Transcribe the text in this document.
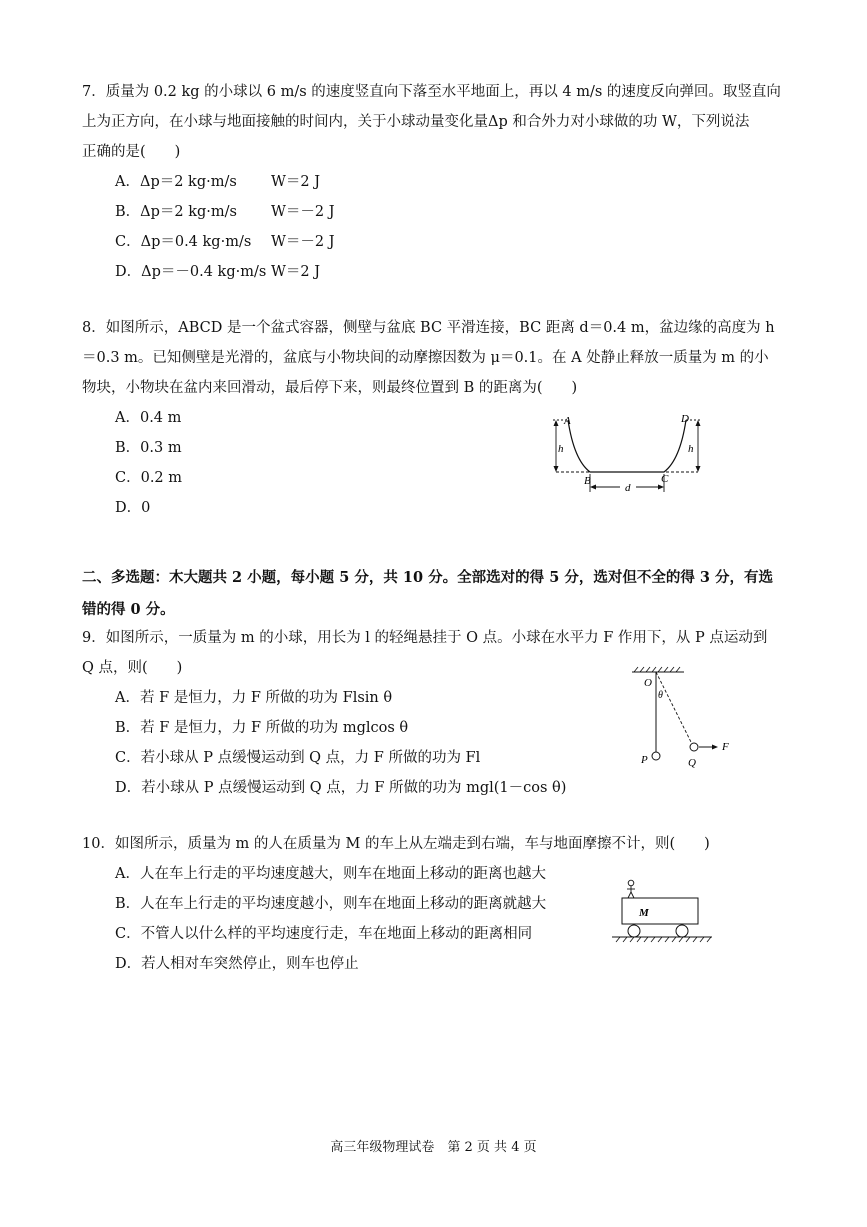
7．质量为 0.2 kg 的小球以 6 m/s 的速度竖直向下落至水平地面上，再以 4 m/s 的速度反向弹回。取竖直向
上为正方向，在小球与地面接触的时间内，关于小球动量变化量Δp 和合外力对小球做的功 W，下列说法
正确的是(　　)
A．Δp＝2 kg·m/s W＝2 J
B．Δp＝2 kg·m/s W＝－2 J
C．Δp＝0.4 kg·m/s W＝－2 J
D．Δp＝－0.4 kg·m/s W＝2 J
8．如图所示，ABCD 是一个盆式容器，侧壁与盆底 BC 平滑连接，BC 距离 d＝0.4 m，盆边缘的高度为 h
＝0.3 m。已知侧壁是光滑的，盆底与小物块间的动摩擦因数为 μ＝0.1。在 A 处静止释放一质量为 m 的小
物块，小物块在盆内来回滑动，最后停下来，则最终位置到 B 的距离为(　　)
A．0.4 m
B．0.3 m
C．0.2 m
D．0
A	D
B	C
h	h
d
二、多选题：木大题共 2 小题，每小题 5 分，共 10 分。全部选对的得 5 分，选对但不全的得 3 分，有选
错的得 0 分。
9．如图所示，一质量为 m 的小球，用长为 l 的轻绳悬挂于 O 点。小球在水平力 F 作用下，从 P 点运动到
Q 点，则(　　)
A．若 F 是恒力，力 F 所做的功为 Flsin θ
B．若 F 是恒力，力 F 所做的功为 mglcos θ
C．若小球从 P 点缓慢运动到 Q 点，力 F 所做的功为 Fl
D．若小球从 P 点缓慢运动到 Q 点，力 F 所做的功为 mgl(1－cos θ)
O
θ
P	Q
F
10．如图所示，质量为 m 的人在质量为 M 的车上从左端走到右端，车与地面摩擦不计，则(　　)
A．人在车上行走的平均速度越大，则车在地面上移动的距离也越大
B．人在车上行走的平均速度越小，则车在地面上移动的距离就越大
C．不管人以什么样的平均速度行走，车在地面上移动的距离相同
D．若人相对车突然停止，则车也停止
M
高三年级物理试卷　第 2 页 共 4 页
